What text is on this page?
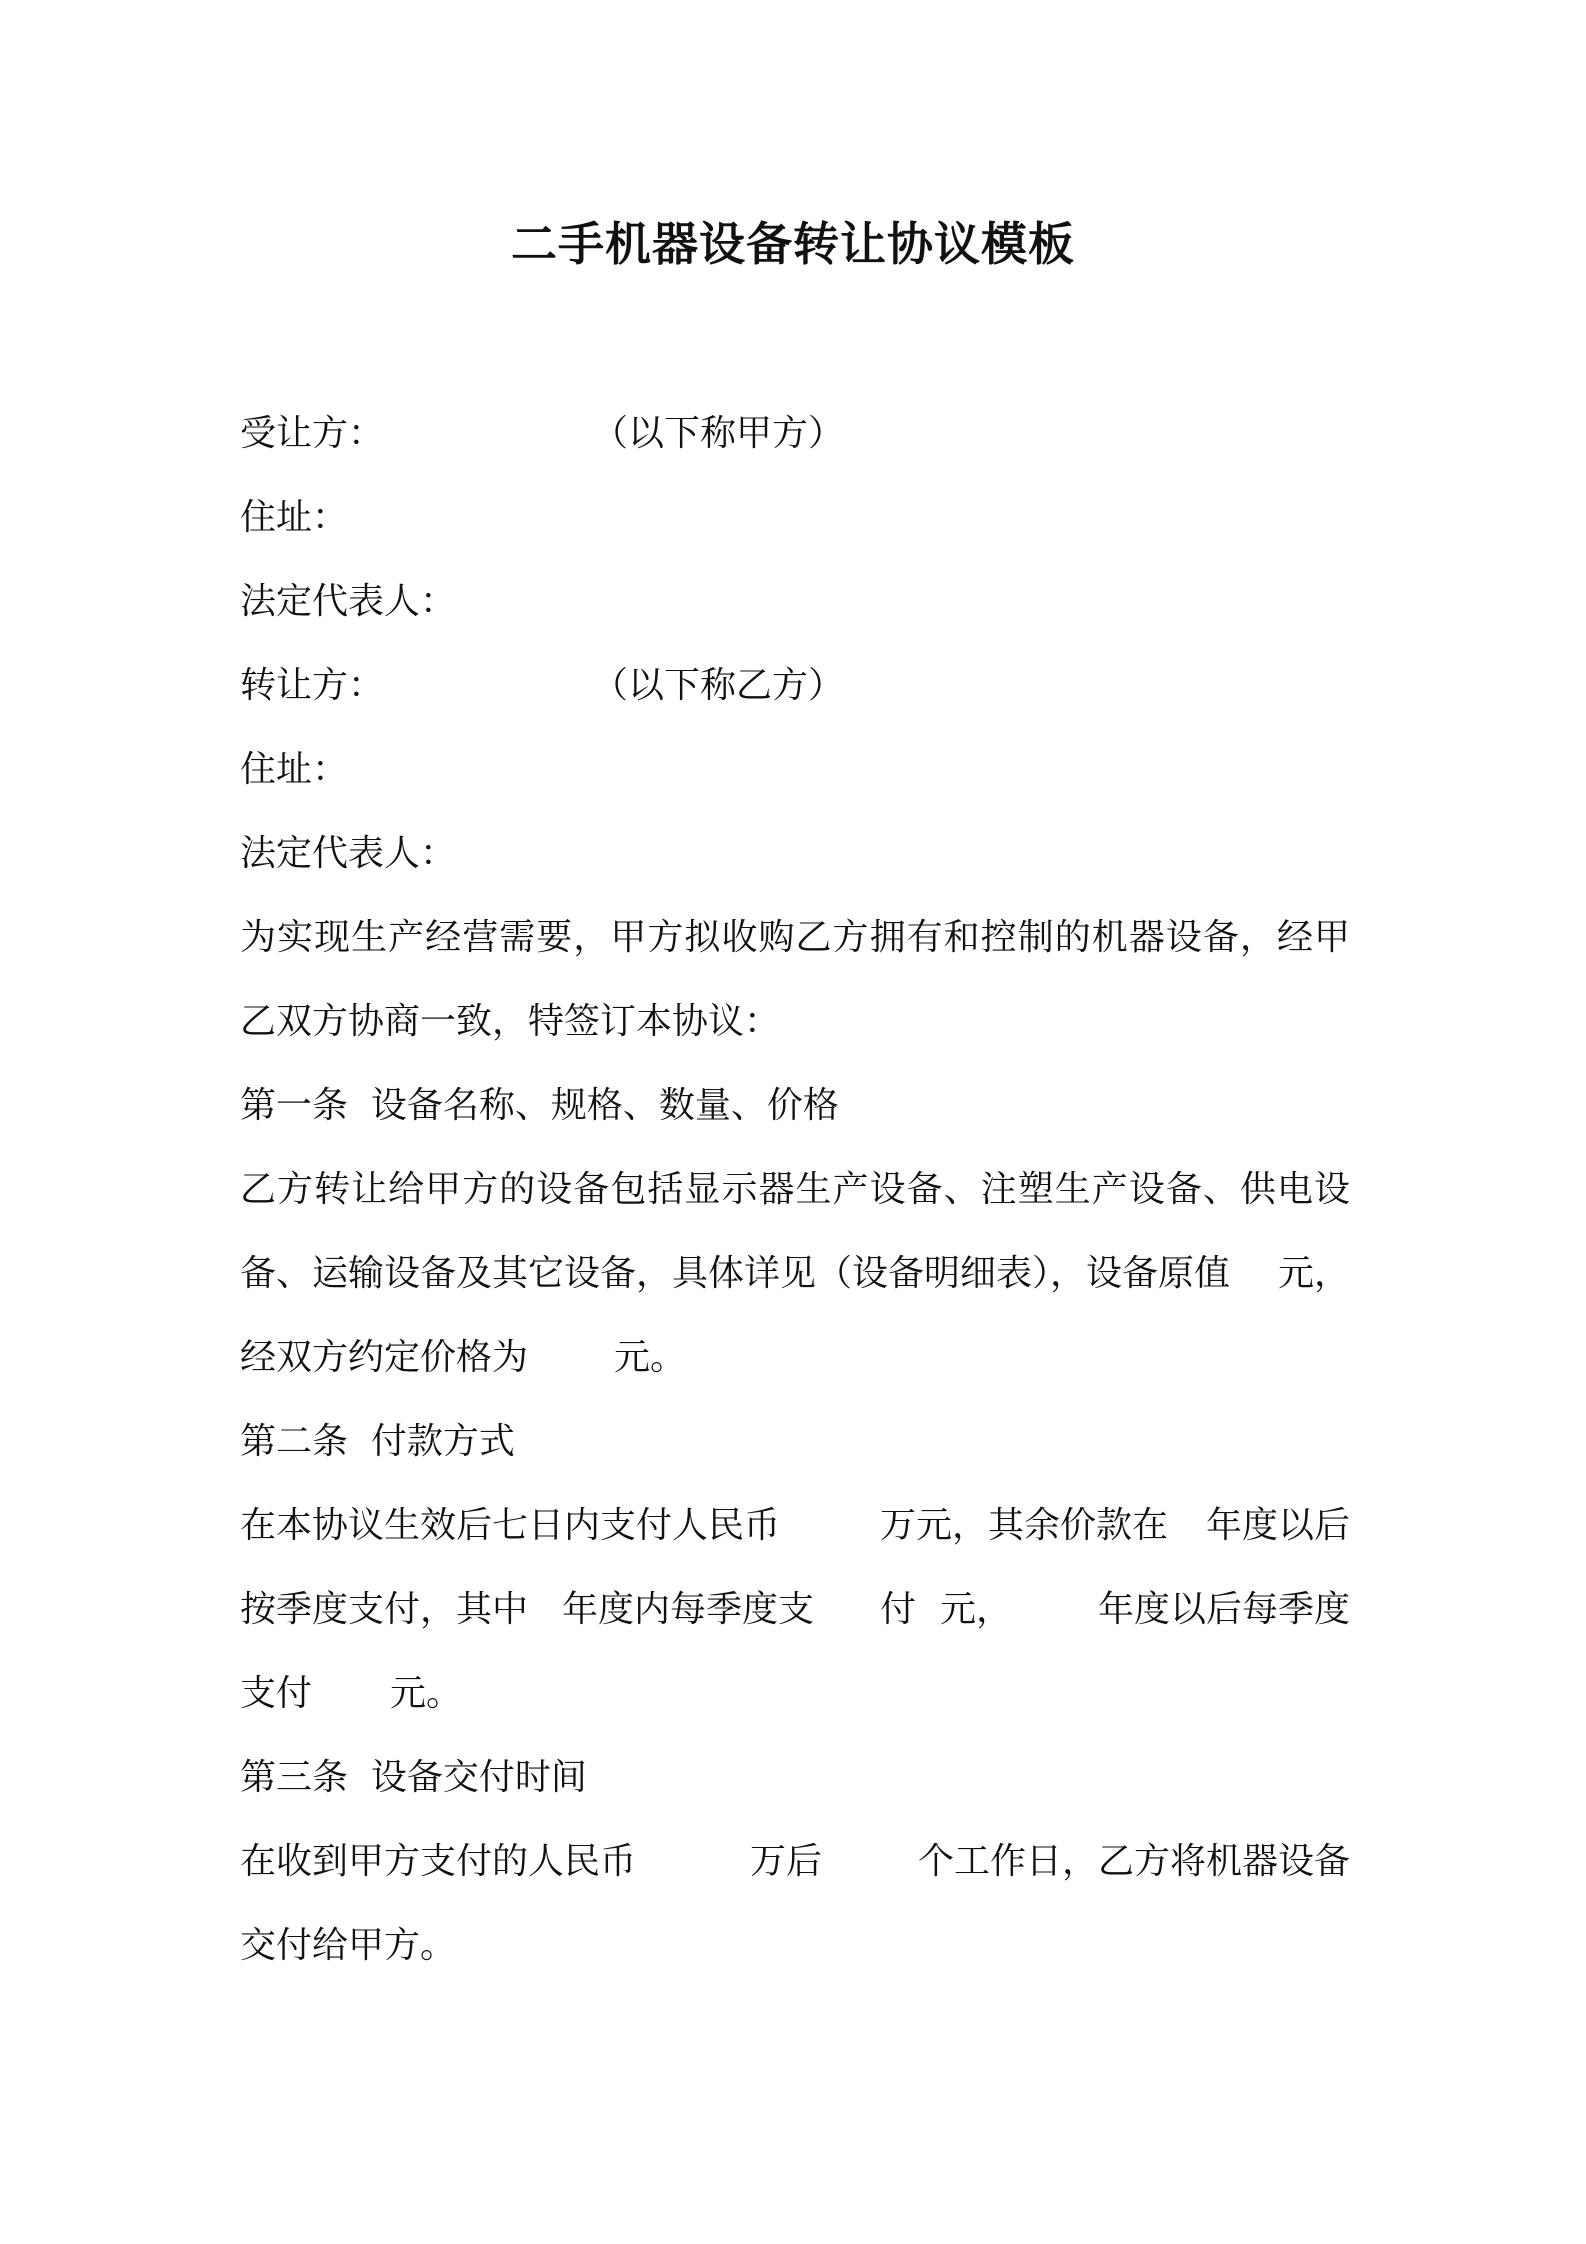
二手机器设备转让协议模板
受让方：	（以下称甲方）
住址：
法定代表人：
转让方：	（以下称乙方）
住址：
法定代表人：
为实现生产经营需要，甲方拟收购乙方拥有和控制的机器设备，经甲
乙双方协商一致，特签订本协议：
第一条  设备名称、规格、数量、价格
乙方转让给甲方的设备包括显示器生产设备、注塑生产设备、供电设
备、运输设备及其它设备，具体详见（设备明细表），设备原值 元，
经双方约定价格为 元。
第二条  付款方式
在本协议生效后七日内支付人民币	万元，其余价款在 年度以后
按季度支付，其中 年度内每季度支 付 元， 年度以后每季度
支付 元。
第三条  设备交付时间
在收到甲方支付的人民币	万后	个工作日，乙方将机器设备
交付给甲方。
